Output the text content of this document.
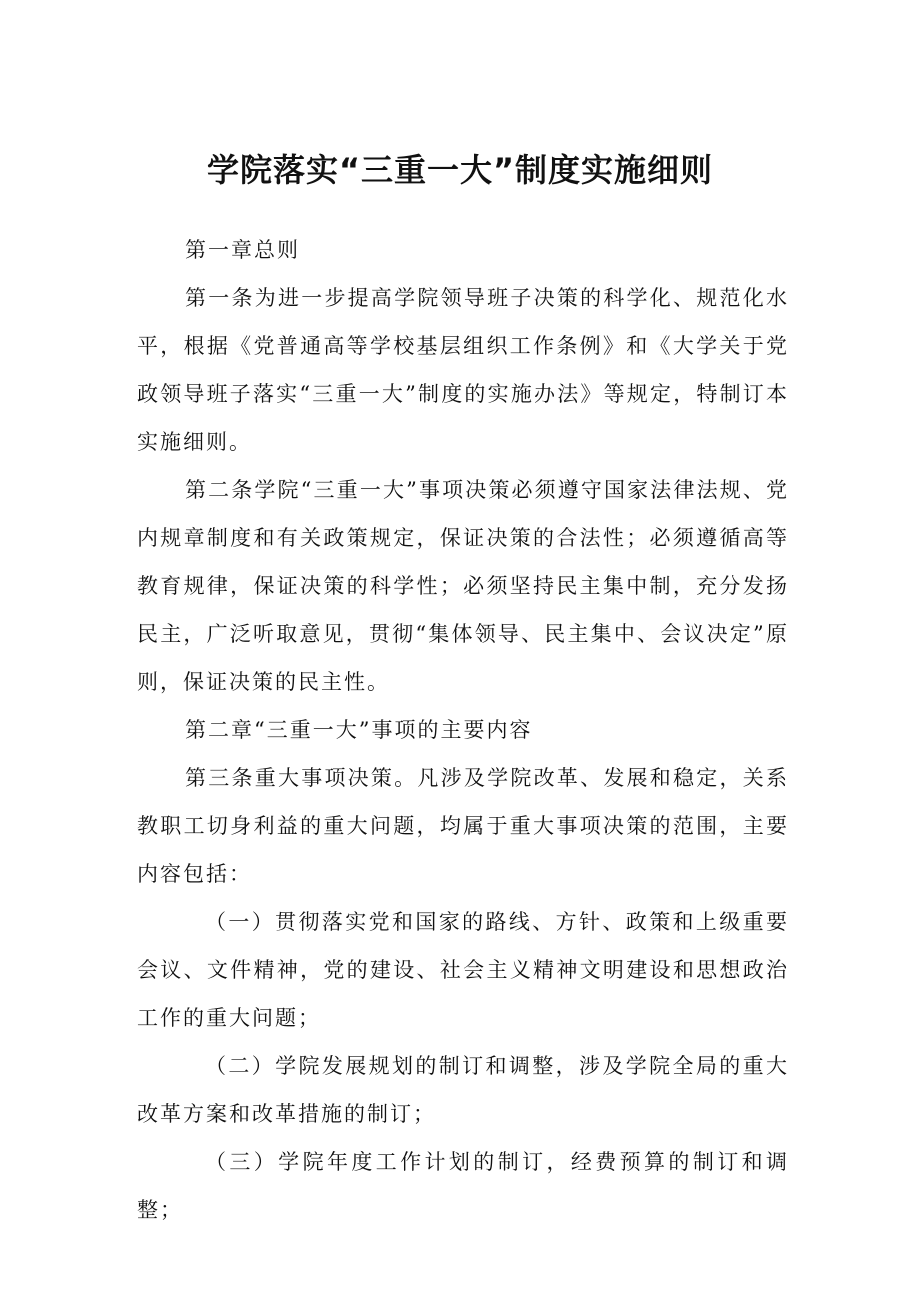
学院落实“三重一大”制度实施细则

第一章总则

第一条为进一步提高学院领导班子决策的科学化、规范化水平，根据《党普通高等学校基层组织工作条例》和《大学关于党政领导班子落实“三重一大”制度的实施办法》等规定，特制订本实施细则。

第二条学院“三重一大”事项决策必须遵守国家法律法规、党内规章制度和有关政策规定，保证决策的合法性；必须遵循高等教育规律，保证决策的科学性；必须坚持民主集中制，充分发扬民主，广泛听取意见，贯彻“集体领导、民主集中、会议决定”原则，保证决策的民主性。

第二章“三重一大”事项的主要内容

第三条重大事项决策。凡涉及学院改革、发展和稳定，关系教职工切身利益的重大问题，均属于重大事项决策的范围，主要内容包括：

（一）贯彻落实党和国家的路线、方针、政策和上级重要会议、文件精神，党的建设、社会主义精神文明建设和思想政治工作的重大问题；

（二）学院发展规划的制订和调整，涉及学院全局的重大改革方案和改革措施的制订；

（三）学院年度工作计划的制订，经费预算的制订和调整；
